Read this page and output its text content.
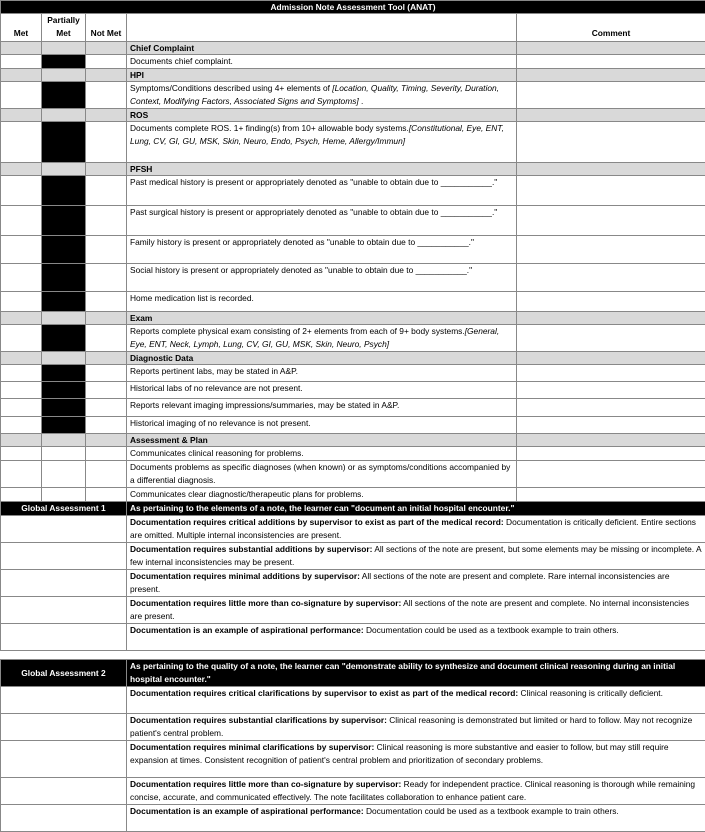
Admission Note Assessment Tool (ANAT)				
Met	Partially Met	Not Met		Comment
			Chief Complaint	
			Documents chief complaint.	
			HPI	
			Symptoms/Conditions described using 4+ elements of [Location, Quality, Timing, Severity, Duration, Context, Modifying Factors, Associated Signs and Symptoms] .	
			ROS	
			Documents complete ROS. 1+ finding(s) from 10+ allowable body systems.[Constitutional, Eye, ENT, Lung, CV, GI, GU, MSK, Skin, Neuro, Endo, Psych, Heme, Allergy/Immun]	
			PFSH	
			Past medical history is present or appropriately denoted as "unable to obtain due to ___________."	
			Past surgical history is present or appropriately denoted as "unable to obtain due to ___________."	
			Family history is present or appropriately denoted as "unable to obtain due to ___________."	
			Social history is present or appropriately denoted as "unable to obtain due to ___________."	
			Home medication list is recorded.	
			Exam	
			Reports complete physical exam consisting of 2+ elements from each of 9+ body systems.[General, Eye, ENT, Neck, Lymph, Lung, CV, GI, GU, MSK, Skin, Neuro, Psych]	
			Diagnostic Data	
			Reports pertinent labs, may be stated in A&P.	
			Historical labs of no relevance are not present.	
			Reports relevant imaging impressions/summaries, may be stated in A&P.	
			Historical imaging of no relevance is not present.	
			Assessment & Plan	
			Communicates clinical reasoning for problems.	
			Documents problems as specific diagnoses (when known) or as symptoms/conditions accompanied by a differential diagnosis.	
			Communicates clear diagnostic/therapeutic plans for problems.	
Global Assessment 1			As pertaining to the elements of a note, the learner can "document an initial hospital encounter."	
			Documentation requires critical additions by supervisor to exist as part of the medical record: Documentation is critically deficient. Entire sections are omitted. Multiple internal inconsistencies are present.	
			Documentation requires substantial additions by supervisor: All sections of the note are present, but some elements may be missing or incomplete. A few internal inconsistencies may be present.	
			Documentation requires minimal additions by supervisor: All sections of the note are present and complete. Rare internal inconsistencies are present.	
			Documentation requires little more than co-signature by supervisor: All sections of the note are present and complete. No internal inconsistencies are present.	
			Documentation is an example of aspirational performance: Documentation could be used as a textbook example to train others.	

Global Assessment 2			As pertaining to the quality of a note, the learner can "demonstrate ability to synthesize and document clinical reasoning during an initial hospital encounter."	
			Documentation requires critical clarifications by supervisor to exist as part of the medical record: Clinical reasoning is critically deficient.	
			Documentation requires substantial clarifications by supervisor: Clinical reasoning is demonstrated but limited or hard to follow. May not recognize patient's central problem.	
			Documentation requires minimal clarifications by supervisor: Clinical reasoning is more substantive and easier to follow, but may still require expansion at times. Consistent recognition of patient's central problem and prioritization of secondary problems.	
			Documentation requires little more than co-signature by supervisor: Ready for independent practice. Clinical reasoning is thorough while remaining concise, accurate, and communicated effectively. The note facilitates collaboration to enhance patient care.	
			Documentation is an example of aspirational performance: Documentation could be used as a textbook example to train others.	
